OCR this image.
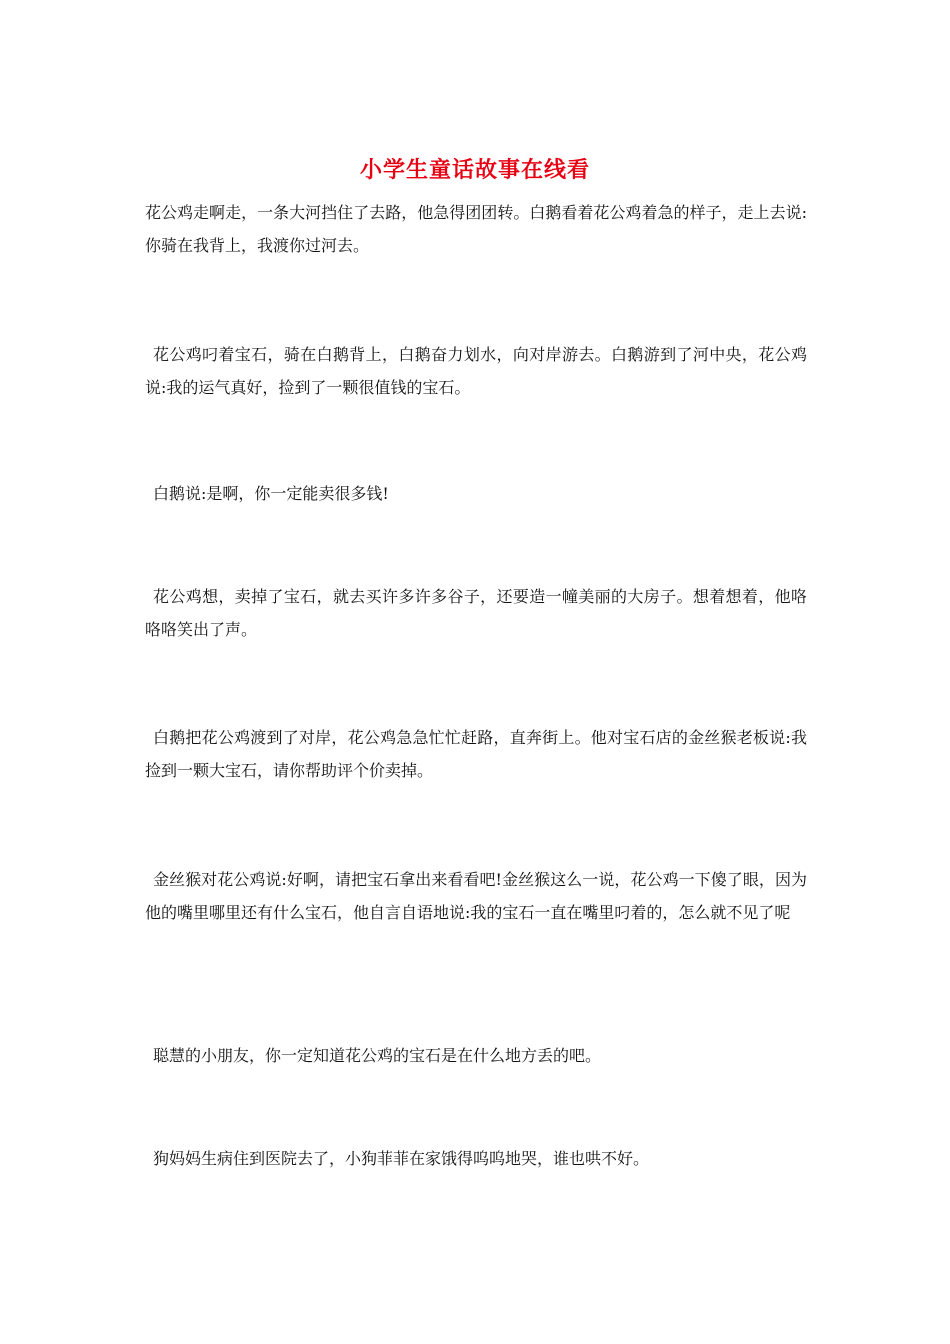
小学生童话故事在线看

花公鸡走啊走，一条大河挡住了去路，他急得团团转。白鹅看着花公鸡着急的样子，走上去说:你骑在我背上，我渡你过河去。

花公鸡叼着宝石，骑在白鹅背上，白鹅奋力划水，向对岸游去。白鹅游到了河中央，花公鸡说:我的运气真好，捡到了一颗很值钱的宝石。

白鹅说:是啊，你一定能卖很多钱!

花公鸡想，卖掉了宝石，就去买许多许多谷子，还要造一幢美丽的大房子。想着想着，他咯咯咯笑出了声。

白鹅把花公鸡渡到了对岸，花公鸡急急忙忙赶路，直奔街上。他对宝石店的金丝猴老板说:我捡到一颗大宝石，请你帮助评个价卖掉。

金丝猴对花公鸡说:好啊，请把宝石拿出来看看吧!金丝猴这么一说，花公鸡一下傻了眼，因为他的嘴里哪里还有什么宝石，他自言自语地说:我的宝石一直在嘴里叼着的，怎么就不见了呢

聪慧的小朋友，你一定知道花公鸡的宝石是在什么地方丢的吧。

狗妈妈生病住到医院去了，小狗菲菲在家饿得呜呜地哭，谁也哄不好。
